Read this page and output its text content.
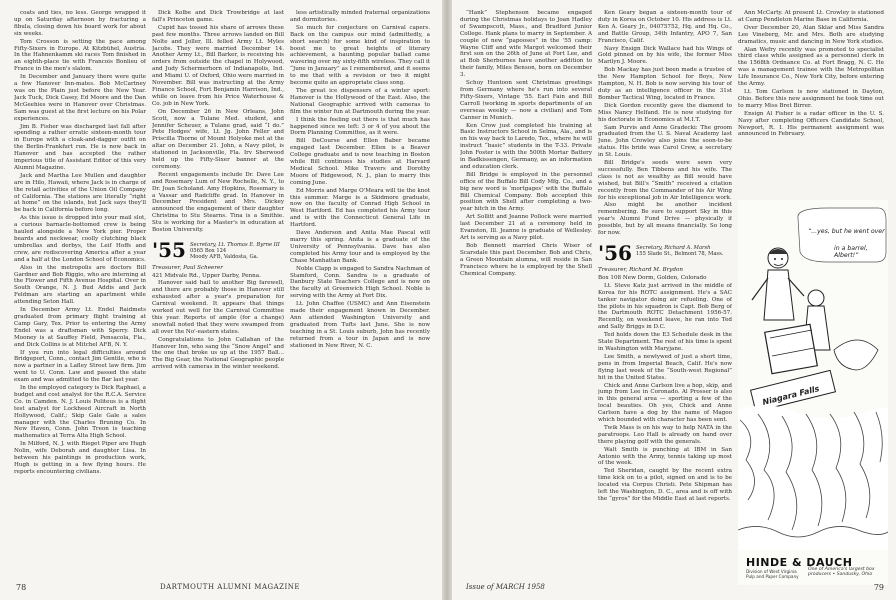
coats and ties, no less. George wrapped it up on Saturday afternoon by fracturing a fibula, closing down his board work for about six weeks.

Tom Crosson is setting the pace among Fifty-Sixers in Europe. At Kitzbühel, Austria. In the Hahnenkamm ski races Tom finished in an eighth-place tie with Francois Bonlieu of France in the men's slalom.

In December and January there were quite a few Hanover Inn-mates. Bob McCartney was on the Plain just before the New Year. Jack Tuck, Dick Casey, Ed Moore and the Dan McGeehies were in Hanover over Christmas. Sam was guest at the first lecture on his Polar experiences.

Jim B. Fisher was discharged last fall after spending a rather erratic sixteen-month tour in Europe with a cloak-and-dagger outfit on the Berlin-Frankfurt run. He is now back in Hanover and has accepted the rather imperious title of Assistant Editor of this very Alumni Magazine.

Jack and Martha Lee Mullen and daughter are in Hilo, Hawaii, where Jack is in charge of the retail activities of the Union Oil Company of California. The stations are literally “right at home” on the islands, but Jack says they'll be back in California before long.

As this issue is dropped into your mail slot, a curious barnacle-bottomed crew is being hauled alongside a New York pier. Proper beards and neckwear, coolly clutching black umbrellas and derbys, the Leif Hoffs and crew, are rediscovering America after a year and a half at the London School of Economics.

Also in the metropolis are doctors Bill Gardner and Bob Riggio, who are interning at the Flower and Fifth Avenue Hospital. Over in South Orange, N. J. Bud Addis and Jack Feldman are starting an apartment while attending Seton Hall.

In December Army Lt. Endel Raidmets graduated from primary flight training at Camp Gary, Tex. Prior to entering the Army Endel was a draftsman with Sperry. Dick Mooney is at Sauffey Field, Pensacola, Fla., and Dick Collins is at Mitchel AFB, N. Y.

If you run into legal difficulties around Bridgeport, Conn., contact Jim Gentile, who is now a partner in a Lafley Street law firm. Jim went to U. Conn. Law and passed the state exam and was admitted to the Bar last year.

In the employed category is Dick Raphael, a budget and cost analyst for the R.C.A. Service Co. in Camden. N. J. Louis Politeus is a flight test analyst for Lockheed Aircraft in North Hollywood, Calif.; Skip Gale Gale a sales manager with the Charles Bruning Co. In New Haven, Conn. John Treon is teaching mathematics at Terra Alta High School.

In Milford, N. J. with Rieget Piper are Hugh Nolin, wife Deborah and daughter Lisa. In between his paintings in production work, Hugh is getting in a few flying hours. He reports encountering civilians.

Dick Kolbe and Dick Trowbridge at last fall's Princeton game.

Cupid has tossed his share of arrows these past few months. Three arrows landed on Bill Nolte and Joller, Ill. felled Army Lt. Myles Jacobs. They were married December 14. Another Army Lt., Bill Barker, is receiving his orders from outside the chapel in Holywood, and Judy Schermerhorn of Indianapolis, Ind. and Miami U. of Oxford, Ohio were married in November. Bill was instructing at the Army Finance School, Fort Benjamin Harrison, Ind., while on leave from his Price Waterhouse & Co. job in New York.

On December 26 in New Orleans, John Scott, now a Tulane Med. student, and Jennifer Scheuer, a Tulane grad, said “I do.” Pete Hodges' wife, Lt. Jg. John Feller and Priscilla Thorne of Mount Holyoke met at the altar on December 21. John, a Navy pilot, is stationed in Jacksonville, Fla. Irv Sherwood held up the Fifty-Sixer banner at the ceremony.

Recent engagements include Dr. Dave Lee and Rosemary Lum of New Rochelle, N. Y., to Dr. Joan Scholand. Amy Hopkins, Rosemary is a Vassar and Radcliffe grad. In Hanover in December President and Mrs. Dickey announced the engagement of their daughter Christina to Stu Stearns. Tina is a Smithie. Stu is working for a Master's in education at Boston University.

'55 Secretary, Lt. Thomas E. Byrne III
0565 Box 124
Moody AFB, Valdosta, Ga.

Treasurer, Paul Scheerer

421 Midvale Rd., Upper Darby, Penna.

Hanover said hail to another Big farewell, and there are probably those in Hanover still exhausted after a year's preparation for Carnival weekend. It appears that things worked out well for the Carnival Committee this year. Reports of ample (for a change) snowfall noted that they were swamped from all over the No'-eastern states.

Congratulations to John Callahan of the Hanover Inn, who sang the “Snow Angel” and the one that broke us up at the 1957 Ball... The Big Gear, the National Geographic people arrived with cameras in the winter weekend.

less artistically minded fraternal organizations and dormitories.

So much for conjecture on Carnival capers. Back on the campus our mind (admittedly, a short search) for some kind of inspiration to boost me to great heights of literary achievement, a haunting popular ballad came wavering over my sixty-fifth wireless. They call it “June in January” as I remembered, and it seems to me that with a revision or two it might become quite an appropriate class song.

The great ice dispensers of a winter sport: Hanover is the Hollywood of the East. Also, the National Geographic arrived with cameras to film the winter fun at Dartmouth during the year.

I think the feeling out there is that much has happened since we left: 3 or 4 of you about the Dorm Planning Committee, as it were.

Bill DeCourse and Ellen Baber became engaged last December. Ellen is a Beaver College graduate and is now teaching in Boston while Bill continues his studies at Harvard Medical School. Mike Travers and Dorothy Moore of Ridgewood, N. J., plan to marry this coming June.

Ed Morris and Marge O'Meara will tie the knot this summer. Marge is a Skidmore graduate, now on the faculty of Conrad High School in West Hartford. Ed has completed his Army tour and is with the Connecticut General Life in Hartford.

Dave Anderson and Anita Mae Pascal will marry this spring. Anita is a graduate of the University of Pennsylvania. Dave has also completed his Army tour and is employed by the Chase Manhattan Bank.

Noble Clapp is engaged to Sandra Nachman of Stamford, Conn. Sandra is a graduate of Danbury State Teachers College and is now on the faculty at Greenwich High School. Noble is serving with the Army at Fort Dix.

Lt. John Chaffee (USMC) and Ann Eisenstein made their engagement known in December. Ann attended Washington University and graduated from Tufts last June. She is now teaching in a St. Louis suburb, John has recently returned from a tour in Japan and is now stationed in New River, N. C.

78	DARTMOUTH ALUMNI MAGAZINE

“Hank” Stephenson became engaged during the Christmas holidays to Joan Hadley of Swampscott, Mass., and Bradford Junior College. Hank plans to marry in September. A couple of new “papooses” in the '55 camp: Wayne Cliff and wife Margot welcomed their first son on the 26th of June at Fort Lee, and at Bob Sherburnes have another addition to their family, Miles Benson, born on December 3.

Schuy Huntoon sent Christmas greetings from Germany where he's run into several Fifty-Sixers, Vintage '55. Earl Fain and Bill Carroll (working in sports departments of an overseas weekly — now a civilian) and Tom Canner in Munich.

Ken Crow just completed his training at Basic Instructors School in Selma, Ala., and is on his way back to Laredo, Tex., where he will instruct “basic” students in the T-33. Private John Foster is with the 500th Mortar Battery in Badkissengen, Germany, as an information and education clerk.

Bill Bridge is employed in the personnel office of the Buffalo Bill Cody Mfg. Co., and a big new word is ‘mortgages’ with the Buffalo Bill Chemical Company. Bob accepted this position with Shell after completing a two-year hitch in the Army.

Art Sollitt and Jeanne Pollock were married last December 21 at a ceremony held in Evanston, Ill. Jeanne is graduate of Wellesley. Art is serving as a Navy pilot.

Bob Bennett married Chris Wiser of Scarsdale this past December. Bob and Chris, a Green Mountain alumna, will reside in San Francisco where he is employed by the Shell Chemical Company.

Ken Geary began a sixteen-month tour of duty in Korea on October 10. His address is Lt. Ken A. Geary Jr., 04075752, Hq. and Hq. Co., and Battle Group, 34th Infantry, APO 7, San Francisco, Calif.

Navy Ensign Dick Wallace had his Wings of Gold pinned on by his wife, the former Miss Marilyn J. Moore.

Bob Mackay has just been made a trustee of the New Hampton School for Boys, New Hampton, N. H. Bob is now serving his tour of duty as an intelligence officer in the 31st Bomber Tactical Wing, located in France.

Dick Gordon recently gave the diamond to Miss Nancy Helfand. He is now studying for his doctorate in Economics at M.I.T.

Sam Purvis and Anne Gradecki: The groom graduated from the U. S. Naval Academy last June. John Crowley also joins the soon-to-be status. His bride was Carol Crew, a secretary in St. Louis.

Bill Bridge's seeds were sewn very successfully. Ben Tibbens and his wife. The class is not as wealthy as Bill would have wished, but Bill's “Smith” received a citation recently from the Commander of his Air Wing for his exceptional job in Air Intelligence work.

Also might be another incident remembering. Be sure to support Sky in this year's Alumni Fund Drive — physically if possible, but by all means financially. So long for now.

'56 Secretary, Richard A. Marsh
155 Slade St., Belmont 78, Mass.

Treasurer, Richard M. Brydon

Box 108 New Dorm, Golden, Colorado

Lt. Steve Katz just arrived in the middle of Korea for his ROTC assignment. He's a SAC tanker navigator doing air refueling. One of the pilots in his squadron is Capt. Bob Berg of the Dartmouth ROTC Detachment 1956-57. Recently, on weekend leave, he ran into Ted and Sally Briggs in D.C.

Ted holds down the E3 Schedule desk in the State Department. The rest of his time is spent in Washington with Maryjane.

Lee Smith, a newlywed of just a short time, pens in from Imperial Beach, Calif. He's now flying last week of the “South-west Regional” hit in the United States.

Chick and Anne Carlson live a hop, skip, and jump from Lee in Coronado. Al Prosser is also in this general area — sporting a few of the local beauties. Oh yes, Chick and Anne Carlson have a dog by the name of Magoo which bounded with character has been sent.

Twik Mass is on his way to help NATA in the paratroops. Leo Hall is already on hand over there playing golf with the generals.

Walt Smith is punching at IBM in San Antonio with the Army, tennis taking up most of the week.

Ted Sheridan, caught by the recent extra time kick on to a pilot, signed on and is to be located via Corpus Christi. Pete Shipman has left the Washington, D. C., area and is off with the “gyros” for the Middle East at last reports.

Ann McCarty. At present Lt. Crowley is stationed at Camp Pendleton Marine Base in California.

Over December 20, Alan Sklar and Miss Sandra Lee Vineberg, Mr. and Mrs. Both are studying dramatics, music and dancing in New York studios.

Alan Wefry recently was promoted to specialist third class while assigned as a personnel clerk in the 1568th Ordnance Co. at Fort Bragg, N. C. He was a management trainee with the Metropolitan Life Insurance Co., New York City, before entering the Army.

Lt. Tom Carlson is now stationed in Dayton, Ohio. Before this new assignment he took time out to marry Miss Bret Birrer.

Ensign Al Fisher is a radar officer in the U. S. Navy after completing Officers Candidate School, Newport, R. I. His permanent assignment was announced in February.

“...yes, but he went over
in a barrel, Albert!”
Niagara Falls
HINDE & DAUCH
Division of West Virginia Pulp and Paper Company
One of America's largest box producers • Sandusky, Ohio
Issue of MARCH 1958	79
